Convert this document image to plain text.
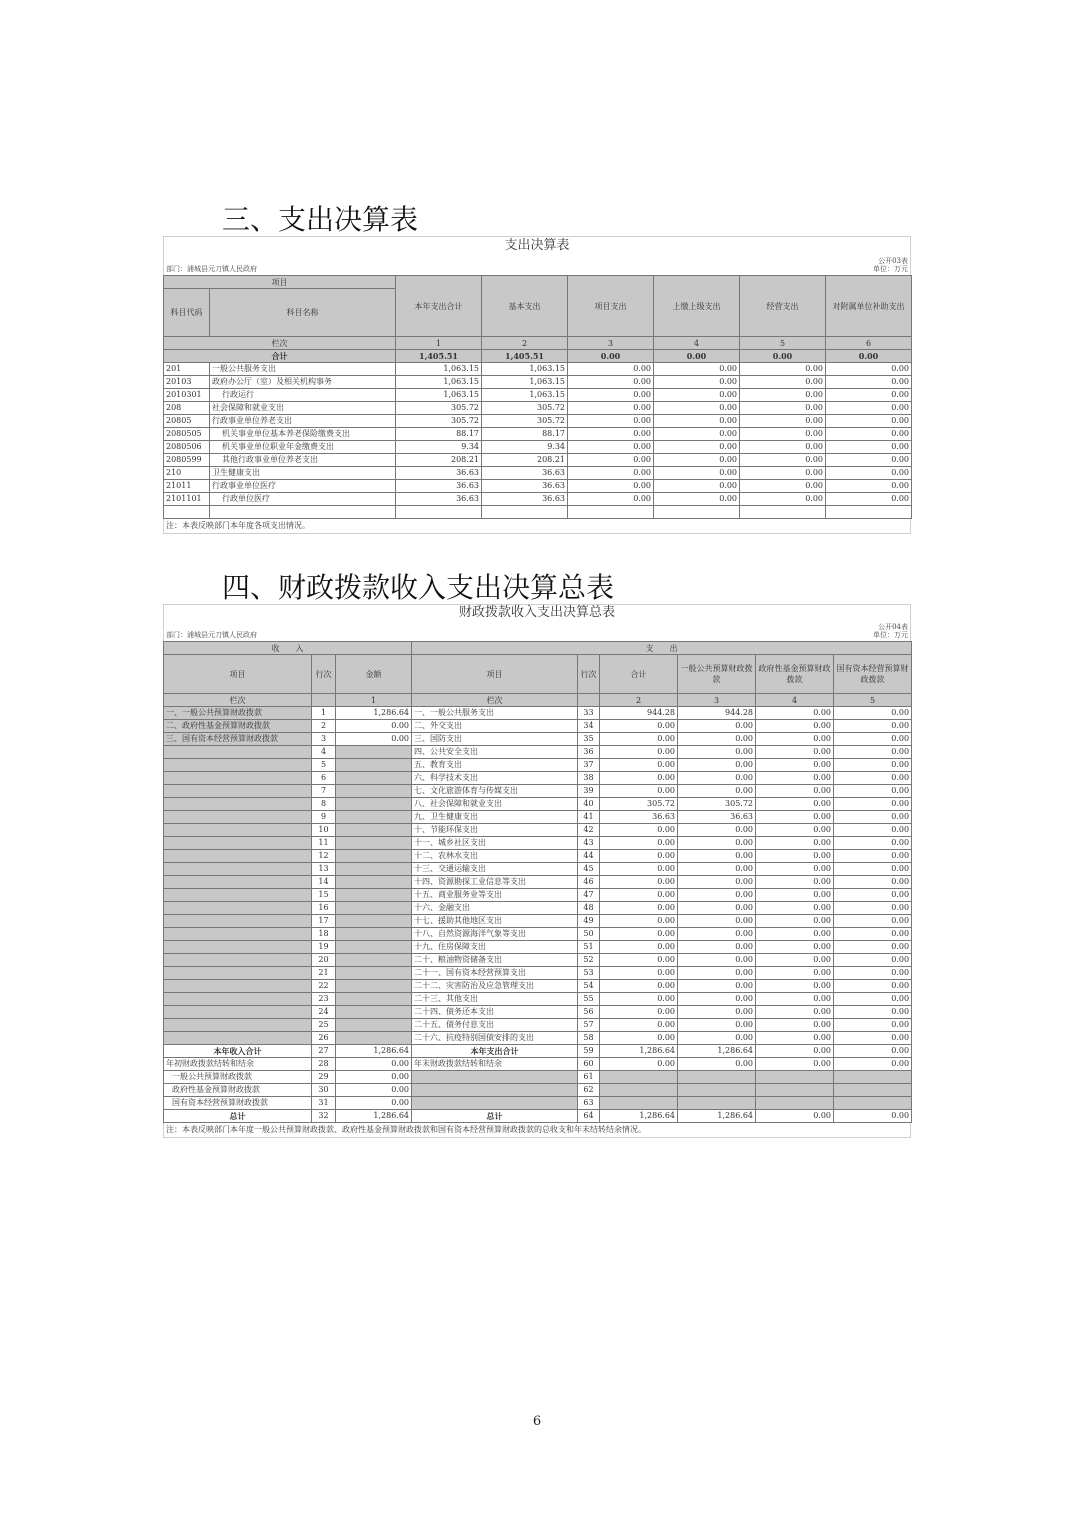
三、支出决算表
支出决算表
部门：浦城县元刀镇人民政府
公开03表
单位：万元
项目		本年支出合计	基本支出	项目支出	上缴上级支出	经营支出	对附属单位补助支出
科目代码	科目名称						
栏次		1	2	3	4	5	6
合计		1,405.51	1,405.51	0.00	0.00	0.00	0.00
201	一般公共服务支出	1,063.15	1,063.15	0.00	0.00	0.00	0.00
20103	政府办公厅（室）及相关机构事务	1,063.15	1,063.15	0.00	0.00	0.00	0.00
2010301	行政运行	1,063.15	1,063.15	0.00	0.00	0.00	0.00
208	社会保障和就业支出	305.72	305.72	0.00	0.00	0.00	0.00
20805	行政事业单位养老支出	305.72	305.72	0.00	0.00	0.00	0.00
2080505	机关事业单位基本养老保险缴费支出	88.17	88.17	0.00	0.00	0.00	0.00
2080506	机关事业单位职业年金缴费支出	9.34	9.34	0.00	0.00	0.00	0.00
2080599	其他行政事业单位养老支出	208.21	208.21	0.00	0.00	0.00	0.00
210	卫生健康支出	36.63	36.63	0.00	0.00	0.00	0.00
21011	行政事业单位医疗	36.63	36.63	0.00	0.00	0.00	0.00
2101101	行政单位医疗	36.63	36.63	0.00	0.00	0.00	0.00

注：本表反映部门本年度各项支出情况。
四、财政拨款收入支出决算总表
财政拨款收入支出决算总表
部门：浦城县元刀镇人民政府
公开04表
单位：万元
收　　入			支　　出					
项目	行次	金额	项目	行次	合计	一般公共预算财政拨款	政府性基金预算财政拨款	国有资本经营预算财政拨款
栏次		1	栏次		2	3	4	5
一、一般公共预算财政拨款	1	1,286.64	一、一般公共服务支出	33	944.28	944.28	0.00	0.00
二、政府性基金预算财政拨款	2	0.00	二、外交支出	34	0.00	0.00	0.00	0.00
三、国有资本经营预算财政拨款	3	0.00	三、国防支出	35	0.00	0.00	0.00	0.00
	4		四、公共安全支出	36	0.00	0.00	0.00	0.00
	5		五、教育支出	37	0.00	0.00	0.00	0.00
	6		六、科学技术支出	38	0.00	0.00	0.00	0.00
	7		七、文化旅游体育与传媒支出	39	0.00	0.00	0.00	0.00
	8		八、社会保障和就业支出	40	305.72	305.72	0.00	0.00
	9		九、卫生健康支出	41	36.63	36.63	0.00	0.00
	10		十、节能环保支出	42	0.00	0.00	0.00	0.00
	11		十一、城乡社区支出	43	0.00	0.00	0.00	0.00
	12		十二、农林水支出	44	0.00	0.00	0.00	0.00
	13		十三、交通运输支出	45	0.00	0.00	0.00	0.00
	14		十四、资源勘探工业信息等支出	46	0.00	0.00	0.00	0.00
	15		十五、商业服务业等支出	47	0.00	0.00	0.00	0.00
	16		十六、金融支出	48	0.00	0.00	0.00	0.00
	17		十七、援助其他地区支出	49	0.00	0.00	0.00	0.00
	18		十八、自然资源海洋气象等支出	50	0.00	0.00	0.00	0.00
	19		十九、住房保障支出	51	0.00	0.00	0.00	0.00
	20		二十、粮油物资储备支出	52	0.00	0.00	0.00	0.00
	21		二十一、国有资本经营预算支出	53	0.00	0.00	0.00	0.00
	22		二十二、灾害防治及应急管理支出	54	0.00	0.00	0.00	0.00
	23		二十三、其他支出	55	0.00	0.00	0.00	0.00
	24		二十四、债务还本支出	56	0.00	0.00	0.00	0.00
	25		二十五、债务付息支出	57	0.00	0.00	0.00	0.00
	26		二十六、抗疫特别国债安排的支出	58	0.00	0.00	0.00	0.00
本年收入合计	27	1,286.64	本年支出合计	59	1,286.64	1,286.64	0.00	0.00
年初财政拨款结转和结余	28	0.00	年末财政拨款结转和结余	60	0.00	0.00	0.00	0.00
一般公共预算财政拨款	29	0.00		61				
政府性基金预算财政拨款	30	0.00		62				
国有资本经营预算财政拨款	31	0.00		63				
总计	32	1,286.64	总计	64	1,286.64	1,286.64	0.00	0.00
注：本表反映部门本年度一般公共预算财政拨款、政府性基金预算财政拨款和国有资本经营预算财政拨款的总收支和年末结转结余情况。
6
